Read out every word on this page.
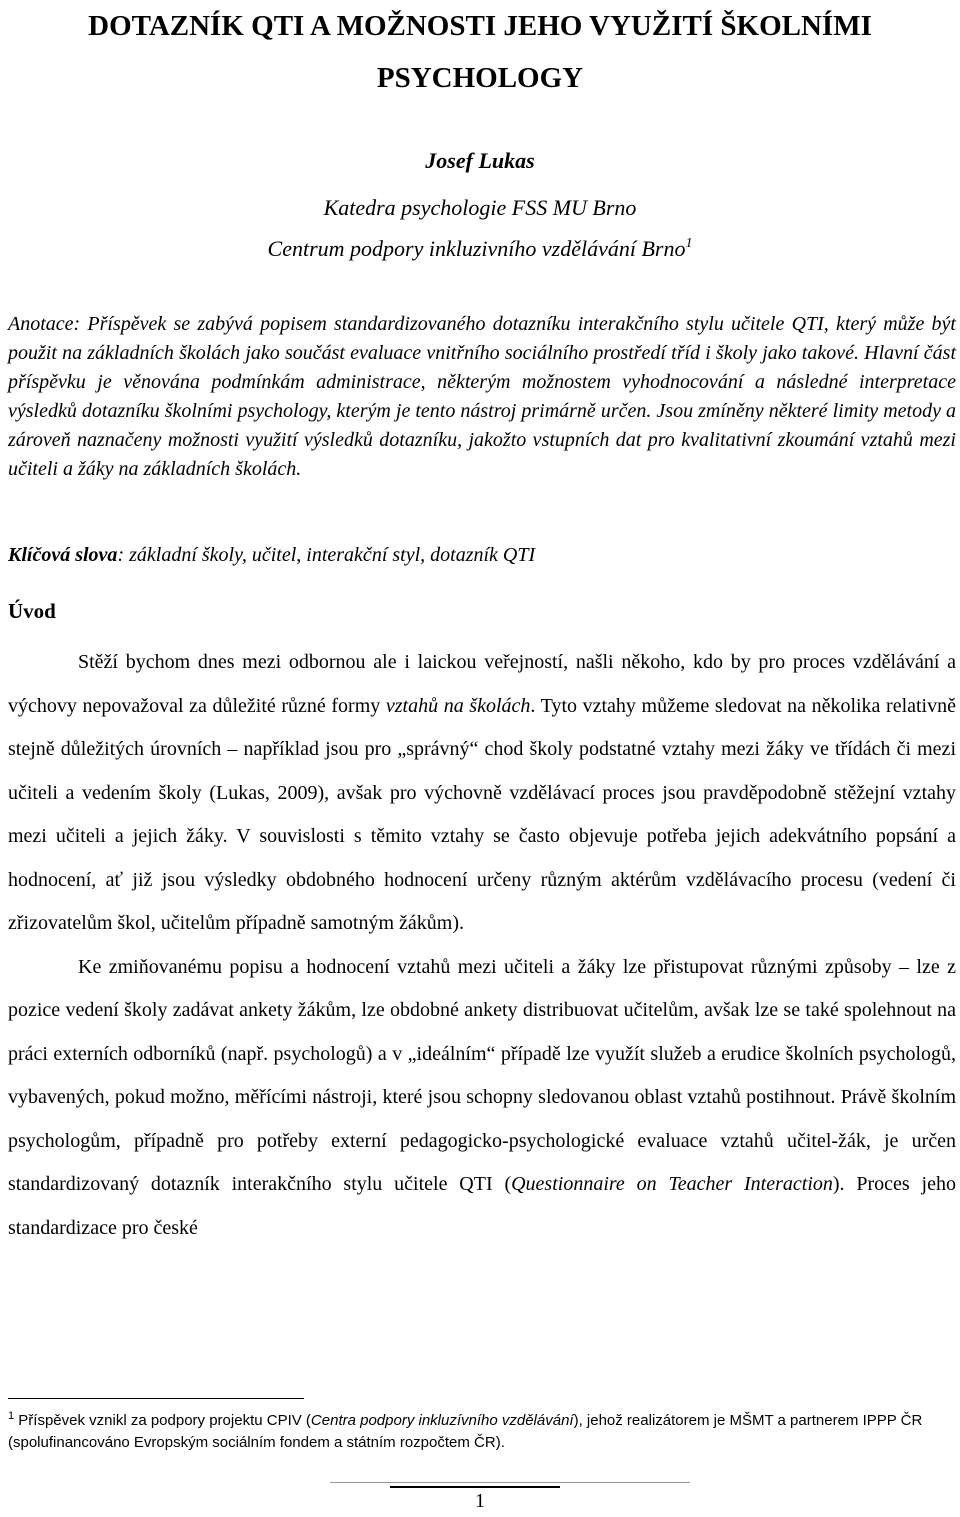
DOTAZNÍK QTI A MOŽNOSTI JEHO VYUŽITÍ ŠKOLNÍMI
PSYCHOLOGY
Josef Lukas
Katedra psychologie FSS MU Brno
Centrum podpory inkluzivního vzdělávání Brno$^1$
Anotace: Příspěvek se zabývá popisem standardizovaného dotazníku interakčního stylu učitele QTI, který může být použit na základních školách jako součást evaluace vnitřního sociálního prostředí tříd i školy jako takové. Hlavní část příspěvku je věnována podmínkám administrace, některým možnostem vyhodnocování a následné interpretace výsledků dotazníku školními psychology, kterým je tento nástroj primárně určen. Jsou zmíněny některé limity metody a zároveň naznačeny možnosti využití výsledků dotazníku, jakožto vstupních dat pro kvalitativní zkoumání vztahů mezi učiteli a žáky na základních školách.
Klíčová slova: základní školy, učitel, interakční styl, dotazník QTI
Úvod

Stěží bychom dnes mezi odbornou ale i laickou veřejností, našli někoho, kdo by pro proces vzdělávání a výchovy nepovažoval za důležité různé formy vztahů na školách. Tyto vztahy můžeme sledovat na několika relativně stejně důležitých úrovních – například jsou pro „správný“ chod školy podstatné vztahy mezi žáky ve třídách či mezi učiteli a vedením školy (Lukas, 2009), avšak pro výchovně vzdělávací proces jsou pravděpodobně stěžejní vztahy mezi učiteli a jejich žáky. V souvislosti s těmito vztahy se často objevuje potřeba jejich adekvátního popsání a hodnocení, ať již jsou výsledky obdobného hodnocení určeny různým aktérům vzdělávacího procesu (vedení či zřizovatelům škol, učitelům případně samotným žákům).

Ke zmiňovanému popisu a hodnocení vztahů mezi učiteli a žáky lze přistupovat různými způsoby – lze z pozice vedení školy zadávat ankety žákům, lze obdobné ankety distribuovat učitelům, avšak lze se také spolehnout na práci externích odborníků (např. psychologů) a v „ideálním“ případě lze využít služeb a erudice školních psychologů, vybavených, pokud možno, měřícími nástroji, které jsou schopny sledovanou oblast vztahů postihnout. Právě školním psychologům, případně pro potřeby externí pedagogicko-psychologické evaluace vztahů učitel-žák, je určen standardizovaný dotazník interakčního stylu učitele QTI (Questionnaire on Teacher Interaction). Proces jeho standardizace pro české

$^1$ Příspěvek vznikl za podpory projektu CPIV (Centra podpory inkluzívního vzdělávání), jehož realizátorem je MŠMT a partnerem IPPP ČR (spolufinancováno Evropským sociálním fondem a státním rozpočtem ČR).
1
